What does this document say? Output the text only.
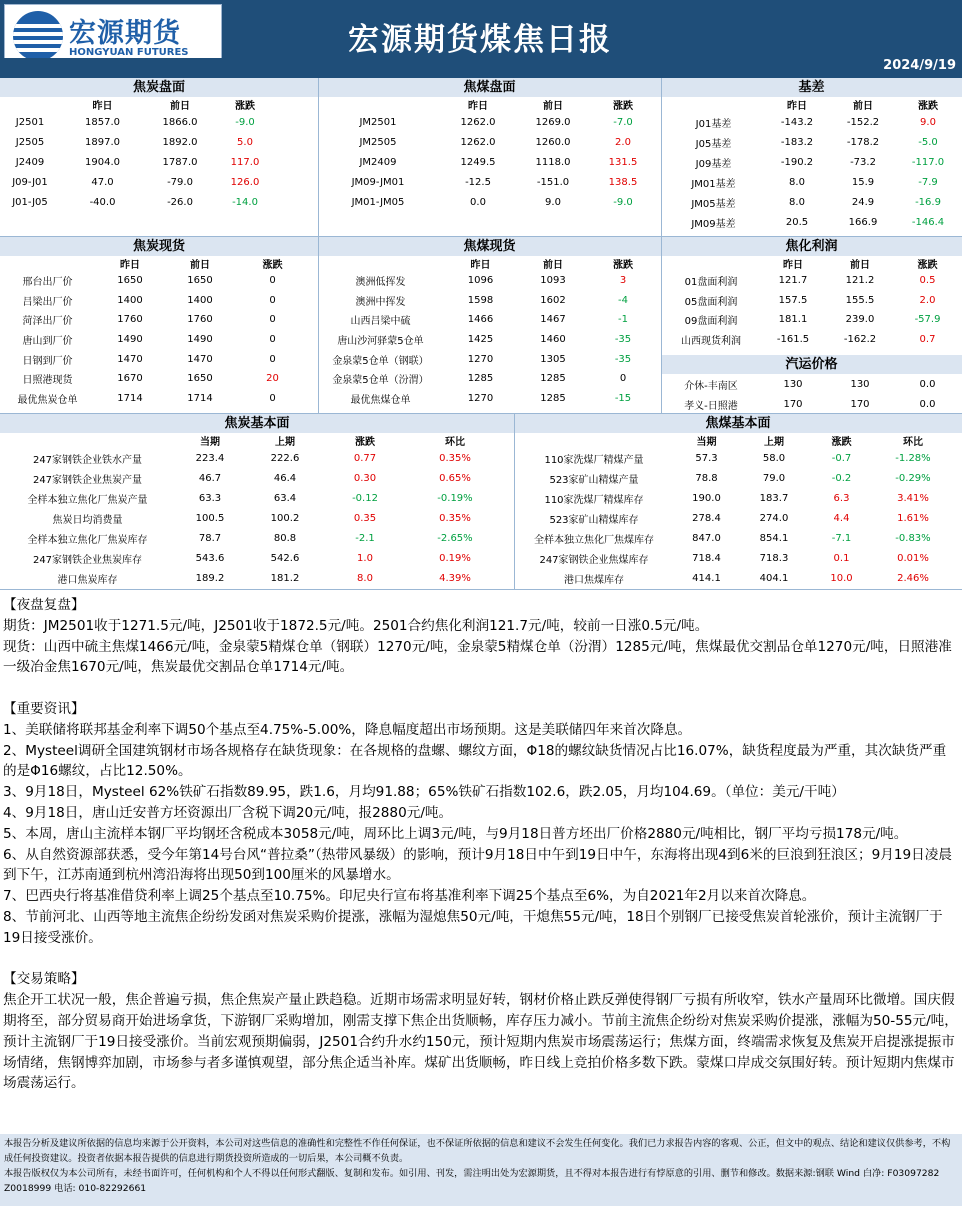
宏源期货
HONGYUAN FUTURES	宏源期货煤焦日报
2024/9/19
焦炭盘面
昨日	前日	涨跌
J2501	1857.0	1866.0	-9.0
J2505	1897.0	1892.0	5.0
J2409	1904.0	1787.0	117.0
J09-J01	47.0	-79.0	126.0
J01-J05	-40.0	-26.0	-14.0
焦煤盘面
昨日	前日	涨跌
JM2501	1262.0	1269.0	-7.0
JM2505	1262.0	1260.0	2.0
JM2409	1249.5	1118.0	131.5
JM09-JM01	-12.5	-151.0	138.5
JM01-JM05	0.0	9.0	-9.0
基差
昨日	前日	涨跌
J01基差	-143.2	-152.2	9.0
J05基差	-183.2	-178.2	-5.0
J09基差	-190.2	-73.2	-117.0
JM01基差	8.0	15.9	-7.9
JM05基差	8.0	24.9	-16.9
JM09基差	20.5	166.9	-146.4
焦炭现货
昨日	前日	涨跌
邢台出厂价	1650	1650	0
吕梁出厂价	1400	1400	0
菏泽出厂价	1760	1760	0
唐山到厂价	1490	1490	0
日钢到厂价	1470	1470	0
日照港现货	1670	1650	20
最优焦炭仓单	1714	1714	0
焦煤现货
昨日	前日	涨跌
澳洲低挥发	1096	1093	3
澳洲中挥发	1598	1602	-4
山西吕梁中硫	1466	1467	-1
唐山沙河驿蒙5仓单	1425	1460	-35
金泉蒙5仓单（钢联）	1270	1305	-35
金泉蒙5仓单（汾渭）	1285	1285	0
最优焦煤仓单	1270	1285	-15
焦化利润
昨日	前日	涨跌
01盘面利润	121.7	121.2	0.5
05盘面利润	157.5	155.5	2.0
09盘面利润	181.1	239.0	-57.9
山西现货利润	-161.5	-162.2	0.7
汽运价格
介休-丰南区	130	130	0.0
孝义-日照港	170	170	0.0
焦炭基本面
当期	上期	涨跌	环比
247家钢铁企业铁水产量	223.4	222.6	0.77	0.35%
247家钢铁企业焦炭产量	46.7	46.4	0.30	0.65%
全样本独立焦化厂焦炭产量	63.3	63.4	-0.12	-0.19%
焦炭日均消费量	100.5	100.2	0.35	0.35%
全样本独立焦化厂焦炭库存	78.7	80.8	-2.1	-2.65%
247家钢铁企业焦炭库存	543.6	542.6	1.0	0.19%
港口焦炭库存	189.2	181.2	8.0	4.39%
焦煤基本面
当期	上期	涨跌	环比
110家洗煤厂精煤产量	57.3	58.0	-0.7	-1.28%
523家矿山精煤产量	78.8	79.0	-0.2	-0.29%
110家洗煤厂精煤库存	190.0	183.7	6.3	3.41%
523家矿山精煤库存	278.4	274.0	4.4	1.61%
全样本独立焦化厂焦煤库存	847.0	854.1	-7.1	-0.83%
247家钢铁企业焦煤库存	718.4	718.3	0.1	0.01%
港口焦煤库存	414.1	404.1	10.0	2.46%

【夜盘复盘】

期货：JM2501收于1271.5元/吨，J2501收于1872.5元/吨。2501合约焦化利润121.7元/吨，较前一日涨0.5元/吨。

现货：山西中硫主焦煤1466元/吨，金泉蒙5精煤仓单（钢联）1270元/吨，金泉蒙5精煤仓单（汾渭）1285元/吨，焦煤最优交割品仓单1270元/吨，日照港准一级冶金焦1670元/吨，焦炭最优交割品仓单1714元/吨。

【重要资讯】

1、美联储将联邦基金利率下调50个基点至4.75%-5.00%，降息幅度超出市场预期。这是美联储四年来首次降息。

2、Mysteel调研全国建筑钢材市场各规格存在缺货现象：在各规格的盘螺、螺纹方面，Φ18的螺纹缺货情况占比16.07%，缺货程度最为严重，其次缺货严重的是Φ16螺纹，占比12.50%。

3、9月18日，Mysteel 62%铁矿石指数89.95，跌1.6，月均91.88；65%铁矿石指数102.6，跌2.05，月均104.69。（单位：美元/干吨）

4、9月18日，唐山迁安普方坯资源出厂含税下调20元/吨，报2880元/吨。

5、本周，唐山主流样本钢厂平均钢坯含税成本3058元/吨，周环比上调3元/吨，与9月18日普方坯出厂价格2880元/吨相比，钢厂平均亏损178元/吨。

6、从自然资源部获悉，受今年第14号台风“普拉桑”（热带风暴级）的影响，预计9月18日中午到19日中午，东海将出现4到6米的巨浪到狂浪区；9月19日凌晨到下午，江苏南通到杭州湾沿海将出现50到100厘米的风暴增水。

7、巴西央行将基准借贷利率上调25个基点至10.75%。印尼央行宣布将基准利率下调25个基点至6%，为自2021年2月以来首次降息。

8、节前河北、山西等地主流焦企纷纷发函对焦炭采购价提涨，涨幅为湿熄焦50元/吨，干熄焦55元/吨，18日个别钢厂已接受焦炭首轮涨价，预计主流钢厂于19日接受涨价。

【交易策略】

焦企开工状况一般，焦企普遍亏损，焦企焦炭产量止跌趋稳。近期市场需求明显好转，钢材价格止跌反弹使得钢厂亏损有所收窄，铁水产量周环比微增。国庆假期将至，部分贸易商开始进场拿货，下游钢厂采购增加，刚需支撑下焦企出货顺畅，库存压力减小。节前主流焦企纷纷对焦炭采购价提涨，涨幅为50-55元/吨，预计主流钢厂于19日接受涨价。当前宏观预期偏弱，J2501合约升水约150元，预计短期内焦炭市场震荡运行；焦煤方面，终端需求恢复及焦炭开启提涨提振市场情绪，焦钢博弈加剧，市场参与者多谨慎观望，部分焦企适当补库。煤矿出货顺畅，昨日线上竞拍价格多数下跌。蒙煤口岸成交氛围好转。预计短期内焦煤市场震荡运行。

本报告分析及建议所依据的信息均来源于公开资料，本公司对这些信息的准确性和完整性不作任何保证，也不保证所依据的信息和建议不会发生任何变化。我们已力求报告内容的客观、公正，但文中的观点、结论和建议仅供参考，不构成任何投资建议。投资者依据本报告提供的信息进行期货投资所造成的一切后果，本公司概不负责。

本报告版权仅为本公司所有，未经书面许可，任何机构和个人不得以任何形式翻版、复制和发布。如引用、刊发，需注明出处为宏源期货，且不得对本报告进行有悖原意的引用、删节和修改。数据来源:钢联 Wind 白净: F03097282 Z0018999 电话: 010-82292661
